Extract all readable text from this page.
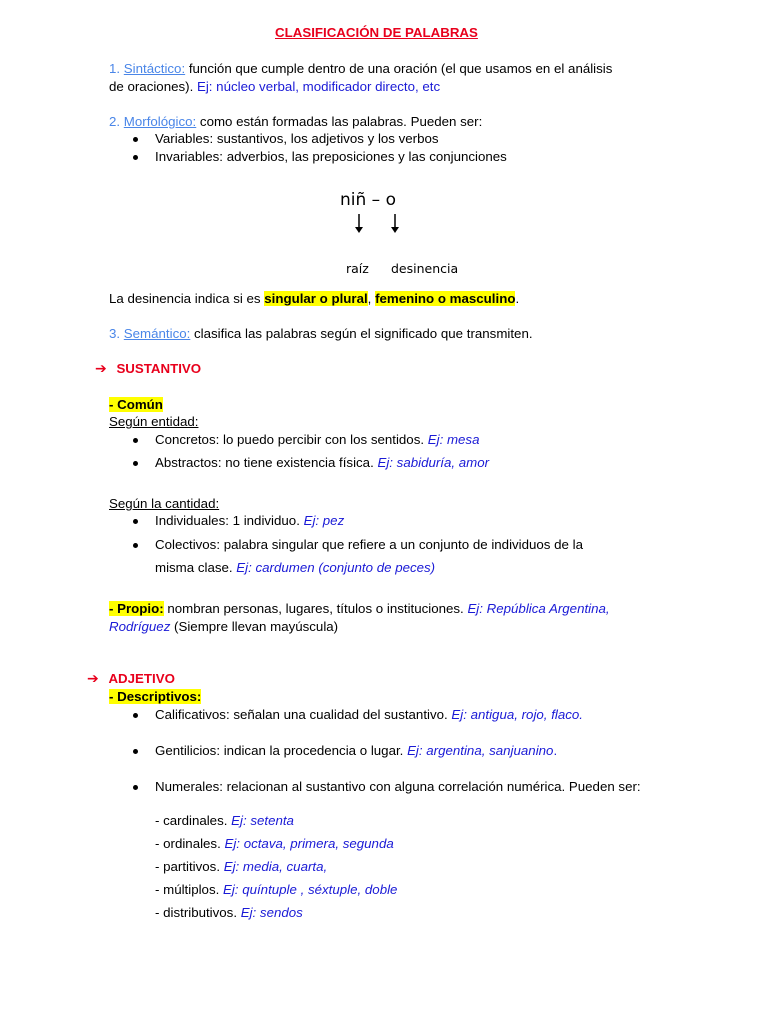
CLASIFICACIÓN DE PALABRAS
1. Sintáctico: función que cumple dentro de una oración (el que usamos en el análisis
de oraciones). Ej: núcleo verbal, modificador directo, etc
2. Morfológico: como están formadas las palabras. Pueden ser:
Variables: sustantivos, los adjetivos y los verbos
Invariables: adverbios, las preposiciones y las conjunciones
niñ – o
raíz desinencia
La desinencia indica si es singular o plural, femenino o masculino.
3. Semántico: clasifica las palabras según el significado que transmiten.
➔ SUSTANTIVO
- Común
Según entidad:
Concretos: lo puedo percibir con los sentidos. Ej: mesa
Abstractos: no tiene existencia física. Ej: sabiduría, amor
Según la cantidad:
Individuales: 1 individuo. Ej: pez
Colectivos: palabra singular que refiere a un conjunto de individuos de la
misma clase. Ej: cardumen (conjunto de peces)
- Propio: nombran personas, lugares, títulos o instituciones. Ej: República Argentina,
Rodríguez (Siempre llevan mayúscula)
➔ ADJETIVO
- Descriptivos:
Calificativos: señalan una cualidad del sustantivo. Ej: antigua, rojo, flaco.
Gentilicios: indican la procedencia o lugar. Ej: argentina, sanjuanino.
Numerales: relacionan al sustantivo con alguna correlación numérica. Pueden ser:
- cardinales. Ej: setenta
- ordinales. Ej: octava, primera, segunda
- partitivos. Ej: media, cuarta,
- múltiplos. Ej: quíntuple , séxtuple, doble
- distributivos. Ej: sendos
